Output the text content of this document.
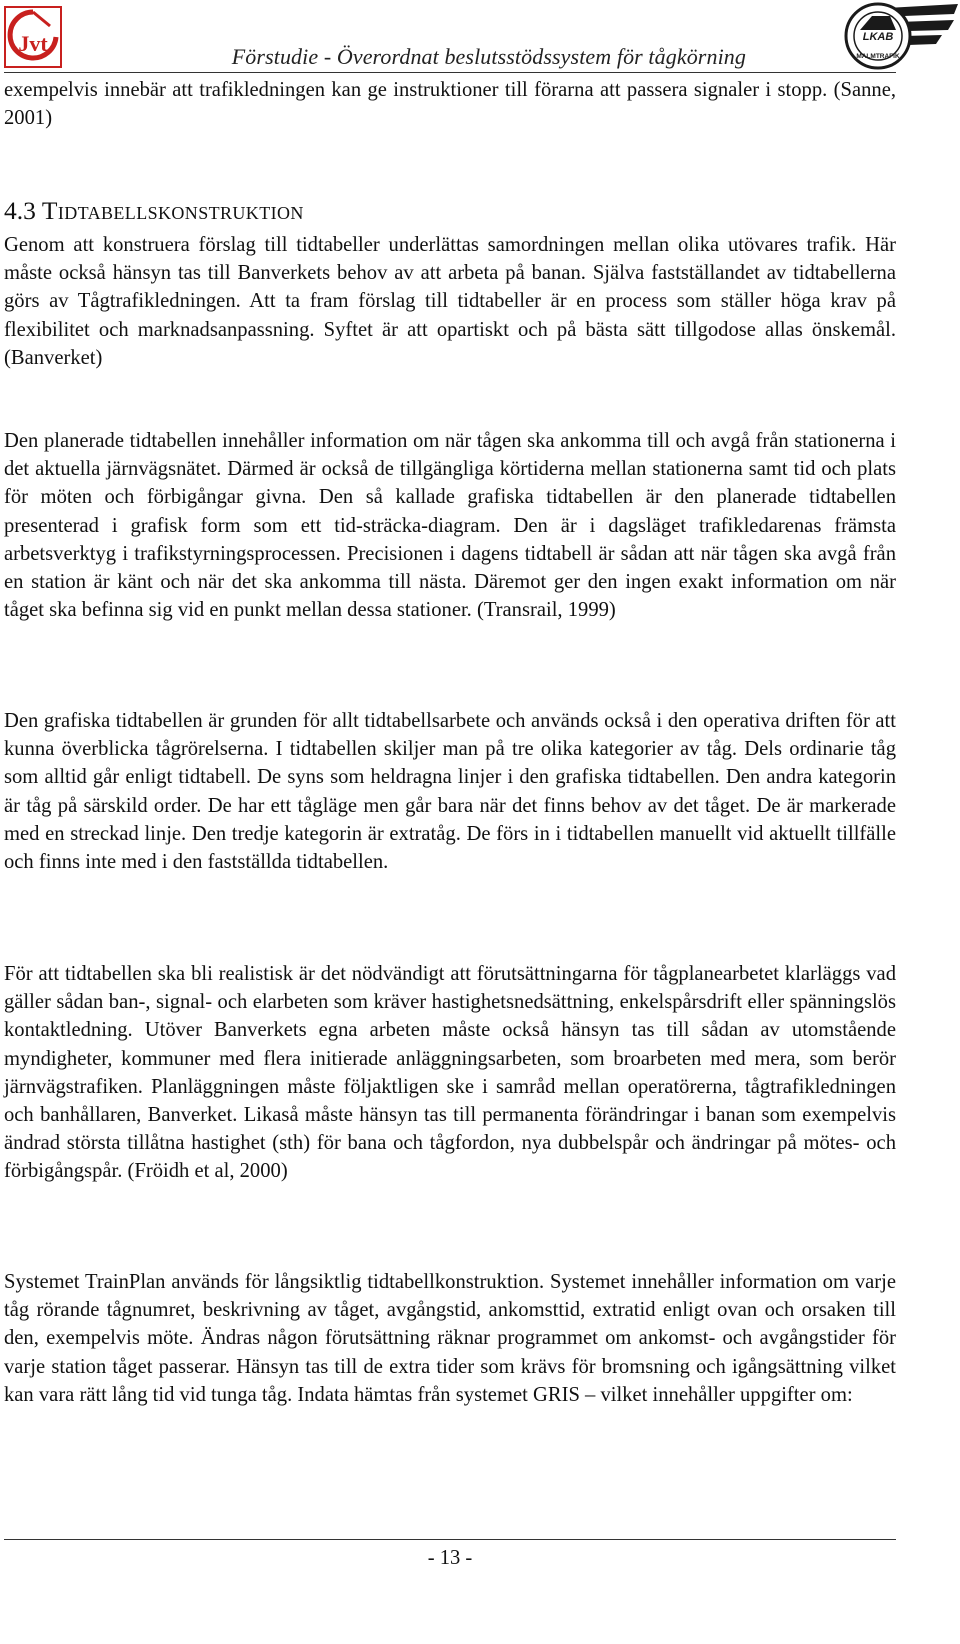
Jvt
Förstudie - Överordnat beslutsstödssystem för tågkörning
LKAB
MALMTRAFIK
exempelvis innebär att trafikledningen kan ge instruktioner till förarna att passera signaler i stopp. (Sanne, 2001)
4.3 Tidtabellskonstruktion
Genom att konstruera förslag till tidtabeller underlättas samordningen mellan olika utövares trafik. Här måste också hänsyn tas till Banverkets behov av att arbeta på banan. Själva fastställandet av tidtabellerna görs av Tågtrafikledningen. Att ta fram förslag till tidtabeller är en process som ställer höga krav på flexibilitet och marknadsanpassning. Syftet är att opartiskt och på bästa sätt tillgodose allas önskemål. (Banverket)
Den planerade tidtabellen innehåller information om när tågen ska ankomma till och avgå från stationerna i det aktuella järnvägsnätet. Därmed är också de tillgängliga körtiderna mellan stationerna samt tid och plats för möten och förbigångar givna. Den så kallade grafiska tidtabellen är den planerade tidtabellen presenterad i grafisk form som ett tid-sträcka-diagram. Den är i dagsläget trafikledarenas främsta arbetsverktyg i trafikstyrningsprocessen. Precisionen i dagens tidtabell är sådan att när tågen ska avgå från en station är känt och när det ska ankomma till nästa. Däremot ger den ingen exakt information om när tåget ska befinna sig vid en punkt mellan dessa stationer. (Transrail, 1999)
Den grafiska tidtabellen är grunden för allt tidtabellsarbete och används också i den operativa driften för att kunna överblicka tågrörelserna. I tidtabellen skiljer man på tre olika kategorier av tåg. Dels ordinarie tåg som alltid går enligt tidtabell. De syns som heldragna linjer i den grafiska tidtabellen. Den andra kategorin är tåg på särskild order. De har ett tågläge men går bara när det finns behov av det tåget. De är markerade med en streckad linje. Den tredje kategorin är extratåg. De förs in i tidtabellen manuellt vid aktuellt tillfälle och finns inte med i den fastställda tidtabellen.
För att tidtabellen ska bli realistisk är det nödvändigt att förutsättningarna för tågplanearbetet klarläggs vad gäller sådan ban-, signal- och elarbeten som kräver hastighetsnedsättning, enkelspårsdrift eller spänningslös kontaktledning. Utöver Banverkets egna arbeten måste också hänsyn tas till sådan av utomstående myndigheter, kommuner med flera initierade anläggningsarbeten, som broarbeten med mera, som berör järnvägstrafiken. Planläggningen måste följaktligen ske i samråd mellan operatörerna, tågtrafikledningen och banhållaren, Banverket. Likaså måste hänsyn tas till permanenta förändringar i banan som exempelvis ändrad största tillåtna hastighet (sth) för bana och tågfordon, nya dubbelspår och ändringar på mötes- och förbigångspår. (Fröidh et al, 2000)
Systemet TrainPlan används för långsiktlig tidtabellkonstruktion. Systemet innehåller information om varje tåg rörande tågnumret, beskrivning av tåget, avgångstid, ankomsttid, extratid enligt ovan och orsaken till den, exempelvis möte. Ändras någon förutsättning räknar programmet om ankomst- och avgångstider för varje station tåget passerar. Hänsyn tas till de extra tider som krävs för bromsning och igångsättning vilket kan vara rätt lång tid vid tunga tåg. Indata hämtas från systemet GRIS – vilket innehåller uppgifter om:
- 13 -
